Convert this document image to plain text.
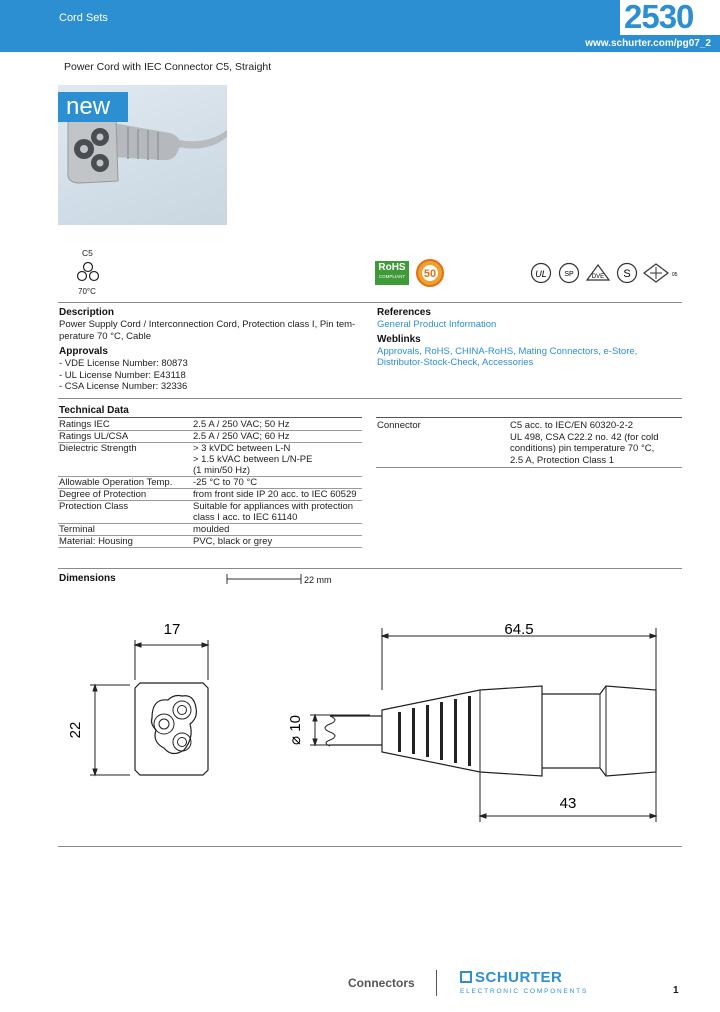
Cord Sets	2530
www.schurter.com/pg07_2
Power Cord with IEC Connector C5, Straight
new
C5
70°C
RoHS
COMPLIANT	50	UL	SP	DVE S	05
Description
Power Supply Cord / Interconnection Cord, Protection class I, Pin tem-
perature 70 °C, Cable
Approvals
- VDE License Number: 80873
- UL License Number: E43118
- CSA License Number: 32336
References
General Product Information
Weblinks
Approvals, RoHS, CHINA-RoHS, Mating Connectors, e-Store,
Distributor-Stock-Check, Accessories
Technical Data
Ratings IEC	2.5 A / 250 VAC; 50 Hz

Ratings UL/CSA	2.5 A / 250 VAC; 60 Hz

Dielectric Strength	> 3 kVDC between L-N
> 1.5 kVAC between L/N-PE
(1 min/50 Hz)

Allowable Operation Temp.	-25 °C to 70 °C

Degree of Protection	from front side IP 20 acc. to IEC 60529

Protection Class	Suitable for appliances with protection
class I acc. to IEC 61140

Terminal	moulded

Material: Housing	PVC, black or grey
Connector	C5 acc. to IEC/EN 60320-2-2
UL 498, CSA C22.2 no. 42 (for cold
conditions) pin temperature 70 °C,
2.5 A, Protection Class 1
Dimensions	22 mm
17
22
64.5
⌀ 10
43
Connectors	SCHURTER
ELECTRONIC COMPONENTS	1
